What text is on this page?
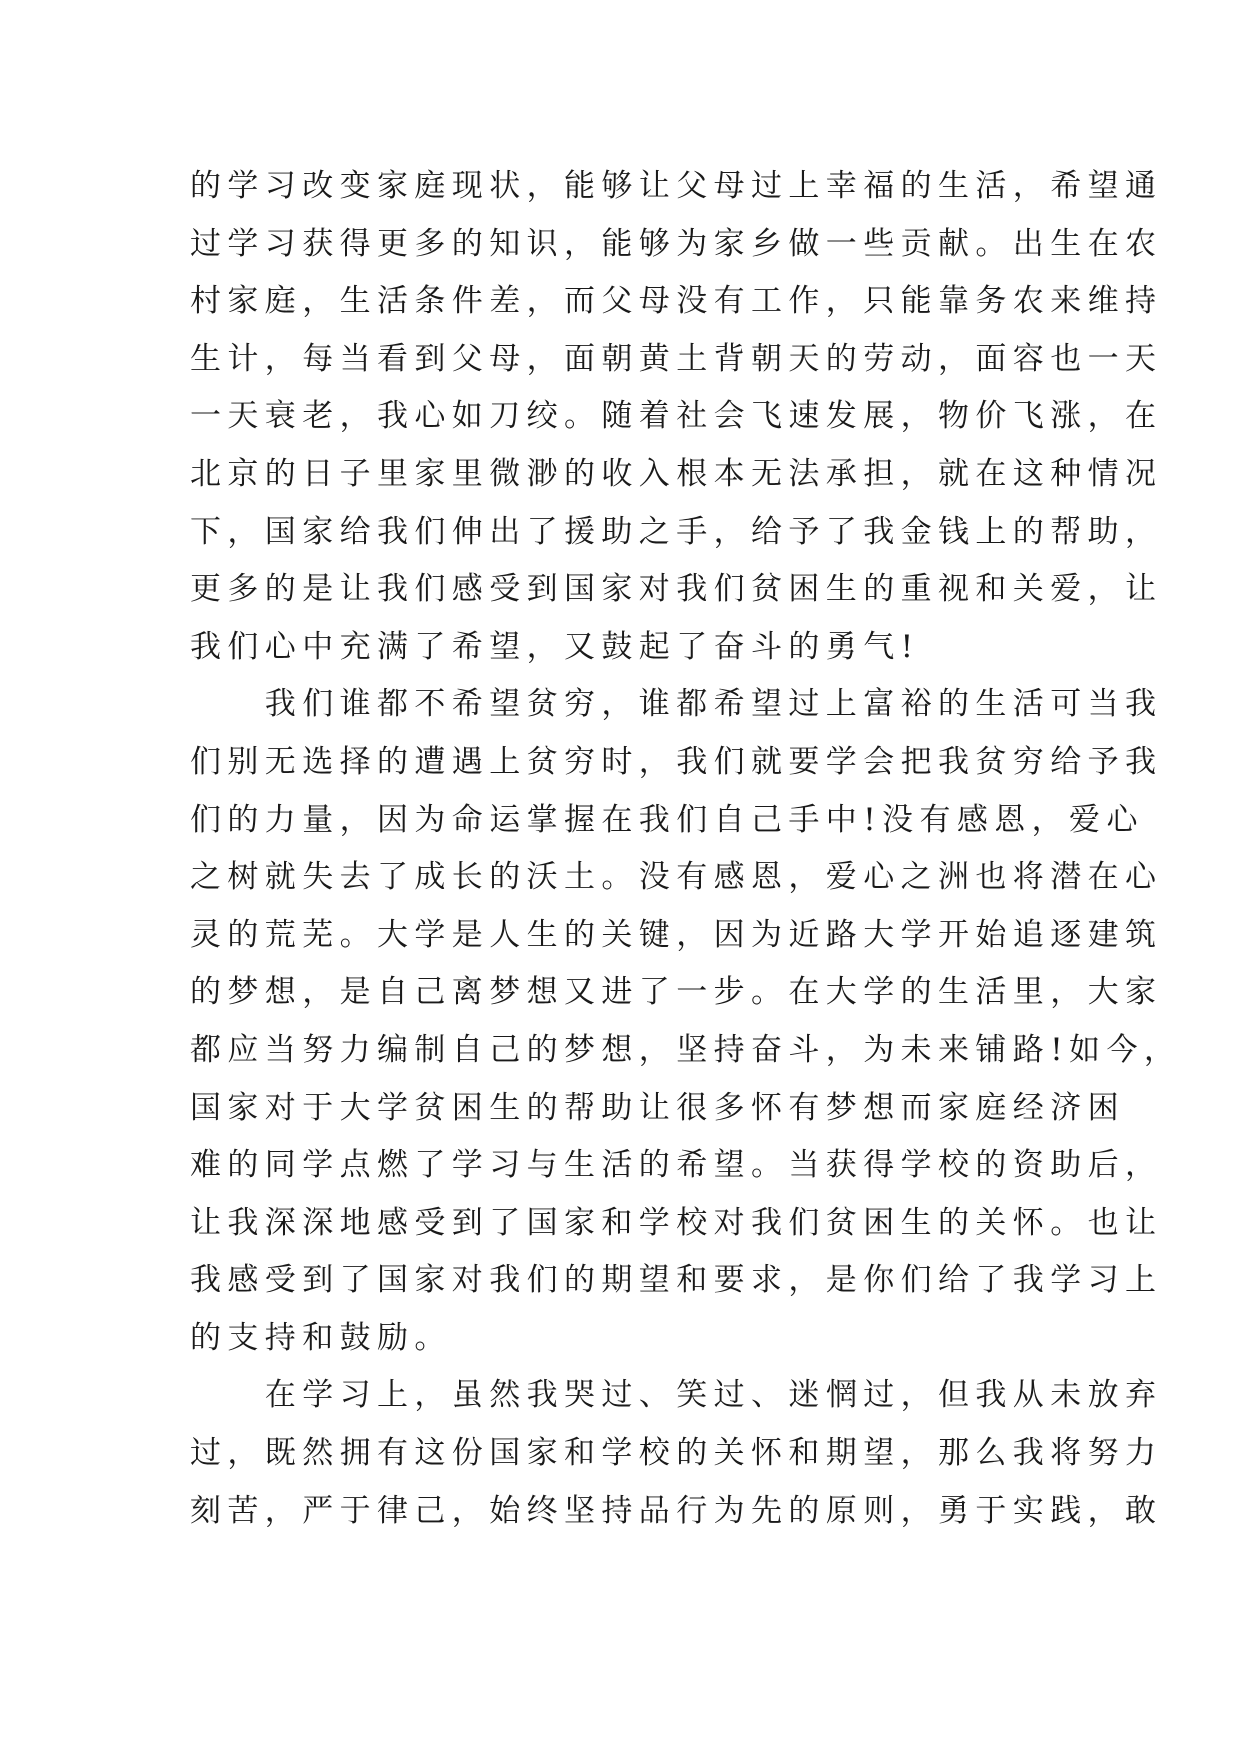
的学习改变家庭现状，能够让父母过上幸福的生活，希望通
过学习获得更多的知识，能够为家乡做一些贡献。出生在农
村家庭，生活条件差，而父母没有工作，只能靠务农来维持
生计，每当看到父母，面朝黄土背朝天的劳动，面容也一天
一天衰老，我心如刀绞。随着社会飞速发展，物价飞涨，在
北京的日子里家里微渺的收入根本无法承担，就在这种情况
下，国家给我们伸出了援助之手，给予了我金钱上的帮助，
更多的是让我们感受到国家对我们贫困生的重视和关爱，让
我们心中充满了希望，又鼓起了奋斗的勇气!
　　我们谁都不希望贫穷，谁都希望过上富裕的生活可当我
们别无选择的遭遇上贫穷时，我们就要学会把我贫穷给予我
们的力量，因为命运掌握在我们自己手中!没有感恩，爱心
之树就失去了成长的沃土。没有感恩，爱心之洲也将潜在心
灵的荒芜。大学是人生的关键，因为近路大学开始追逐建筑
的梦想，是自己离梦想又进了一步。在大学的生活里，大家
都应当努力编制自己的梦想，坚持奋斗，为未来铺路!如今，
国家对于大学贫困生的帮助让很多怀有梦想而家庭经济困
难的同学点燃了学习与生活的希望。当获得学校的资助后，
让我深深地感受到了国家和学校对我们贫困生的关怀。也让
我感受到了国家对我们的期望和要求，是你们给了我学习上
的支持和鼓励。
　　在学习上，虽然我哭过、笑过、迷惘过，但我从未放弃
过，既然拥有这份国家和学校的关怀和期望，那么我将努力
刻苦，严于律己，始终坚持品行为先的原则，勇于实践，敢
